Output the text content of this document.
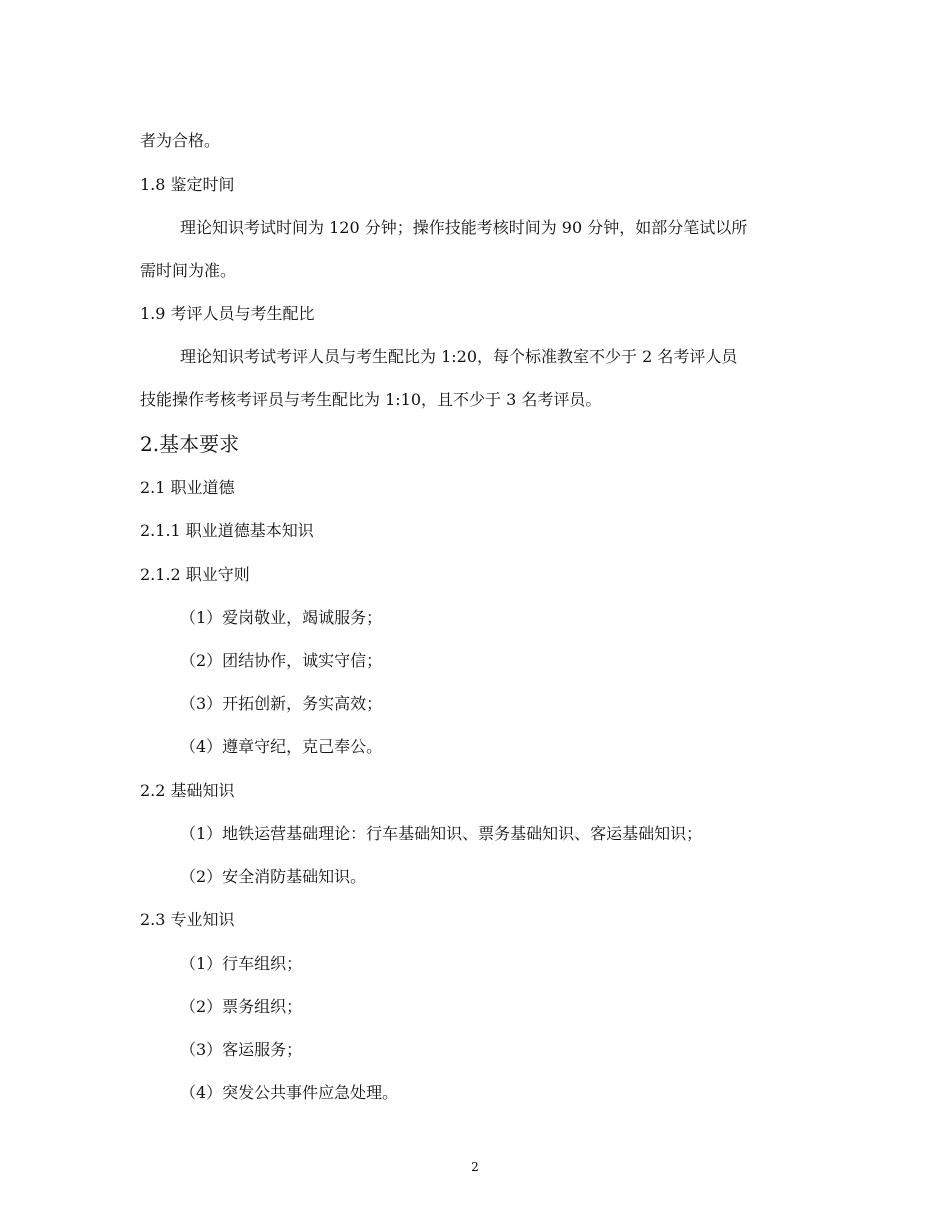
者为合格。
1.8 鉴定时间
理论知识考试时间为 120 分钟；操作技能考核时间为 90 分钟，如部分笔试以所
需时间为准。
1.9 考评人员与考生配比
理论知识考试考评人员与考生配比为 1:20，每个标准教室不少于 2 名考评人员
技能操作考核考评员与考生配比为 1:10，且不少于 3 名考评员。
2.基本要求
2.1 职业道德
2.1.1 职业道德基本知识
2.1.2 职业守则
（1）爱岗敬业，竭诚服务；
（2）团结协作，诚实守信；
（3）开拓创新，务实高效；
（4）遵章守纪，克己奉公。
2.2 基础知识
（1）地铁运营基础理论：行车基础知识、票务基础知识、客运基础知识；
（2）安全消防基础知识。
2.3 专业知识
（1）行车组织；
（2）票务组织；
（3）客运服务；
（4）突发公共事件应急处理。
2
